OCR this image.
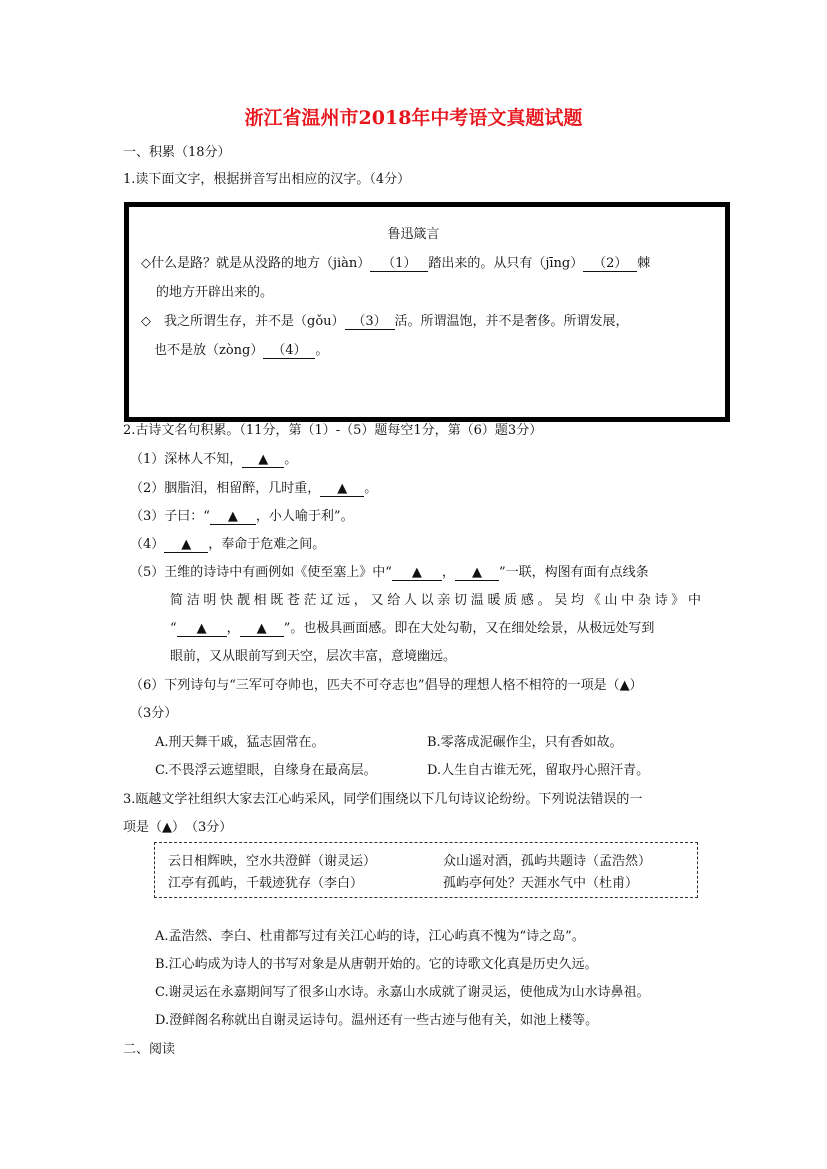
浙江省温州市2018年中考语文真题试题
一、积累（18分）
1.读下面文字，根据拼音写出相应的汉字。（4分）
鲁迅箴言
◇什么是路？就是从没路的地方（jiàn） （1） 踏出来的。从只有（jīng） （2） 棘
的地方开辟出来的。
◇　我之所谓生存，并不是（gǒu） （3） 活。所谓温饱，并不是奢侈。所谓发展，
也不是放（zòng） （4） 。
2.古诗文名句积累。（11分，第（1）-（5）题每空1分，第（6）题3分）
（1）深林人不知， ▲ 。
（2）胭脂泪，相留醉，几时重， ▲ 。
（3）子曰：“ ▲ ，小人喻于利”。
（4） ▲ ，奉命于危难之间。
（5）王维的诗诗中有画例如《使至塞上》中“ ▲ ， ▲ ”一联，构图有面有点线条
简洁明快靓相既苍茫辽远，又给人以亲切温暖质感。吴均《山中杂诗》中
“ ▲ ， ▲ ”。也极具画面感。即在大处勾勒，又在细处绘景，从极远处写到
眼前，又从眼前写到天空，层次丰富，意境幽远。
（6）下列诗句与“三军可夺帅也，匹夫不可夺志也”倡导的理想人格不相符的一项是（▲）
（3分）
A.刑天舞干戚，猛志固常在。	B.零落成泥碾作尘，只有香如故。
C.不畏浮云遮望眼，自缘身在最高层。	D.人生自古谁无死，留取丹心照汗青。
3.瓯越文学社组织大家去江心屿采风，同学们围绕以下几句诗议论纷纷。下列说法错误的一
项是（▲）　（3分）
云日相辉映，空水共澄鲜（谢灵运）	众山遥对酒，孤屿共题诗（孟浩然）
江亭有孤屿，千载迹犹存（李白）	孤屿亭何处？天涯水气中（杜甫）
A.孟浩然、李白、杜甫都写过有关江心屿的诗，江心屿真不愧为“诗之岛”。
B.江心屿成为诗人的书写对象是从唐朝开始的。它的诗歌文化真是历史久远。
C.谢灵运在永嘉期间写了很多山水诗。永嘉山水成就了谢灵运，使他成为山水诗鼻祖。
D.澄鲜阁名称就出自谢灵运诗句。温州还有一些古迹与他有关，如池上楼等。
二、阅读
